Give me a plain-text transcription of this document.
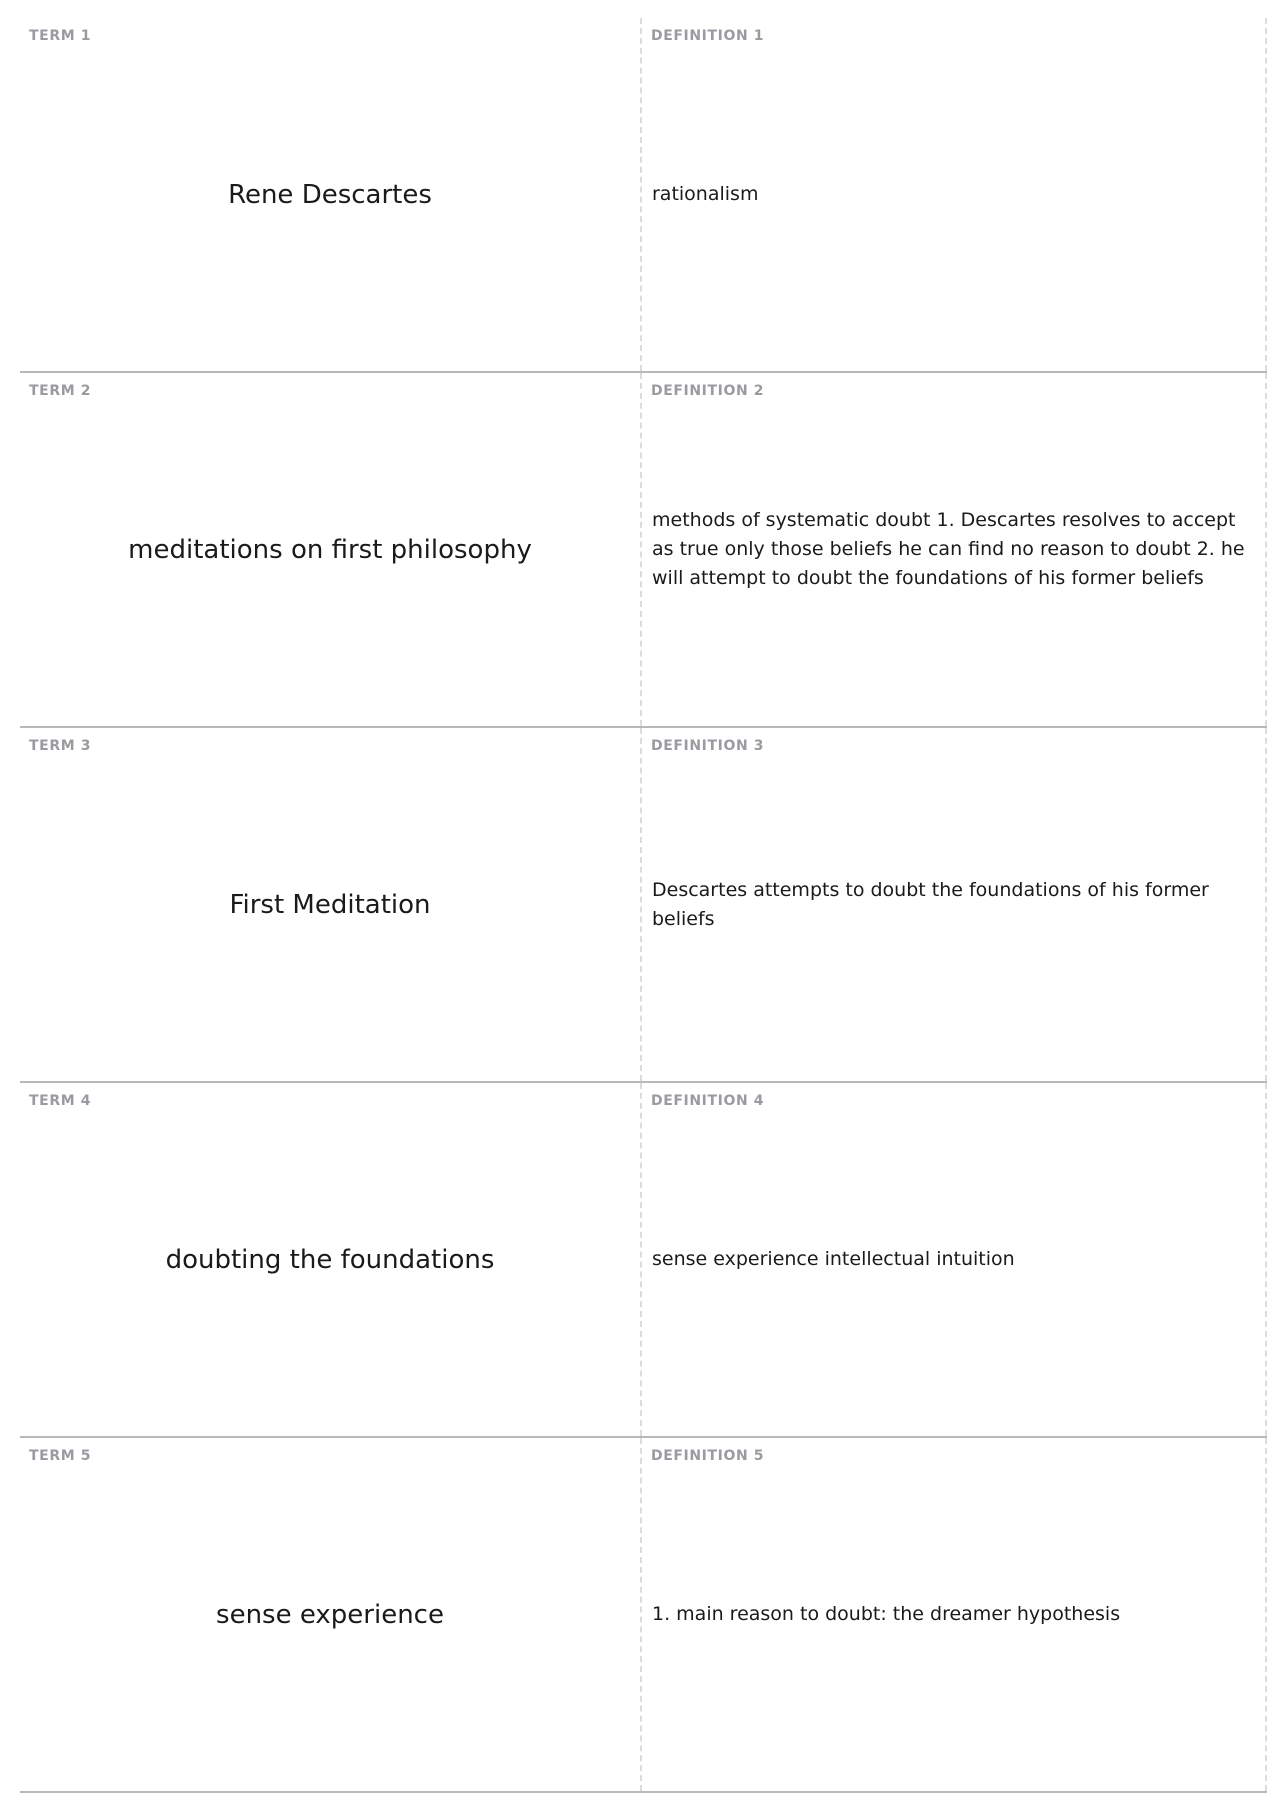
TERM 1
Rene Descartes
DEFINITION 1
rationalism
TERM 2
meditations on first philosophy
DEFINITION 2
methods of systematic doubt 1. Descartes resolves to accept as true only those beliefs he can find no reason to doubt 2. he will attempt to doubt the foundations of his former beliefs
TERM 3
First Meditation
DEFINITION 3
Descartes attempts to doubt the foundations of his former beliefs
TERM 4
doubting the foundations
DEFINITION 4
sense experience intellectual intuition
TERM 5
sense experience
DEFINITION 5
1. main reason to doubt: the dreamer hypothesis
